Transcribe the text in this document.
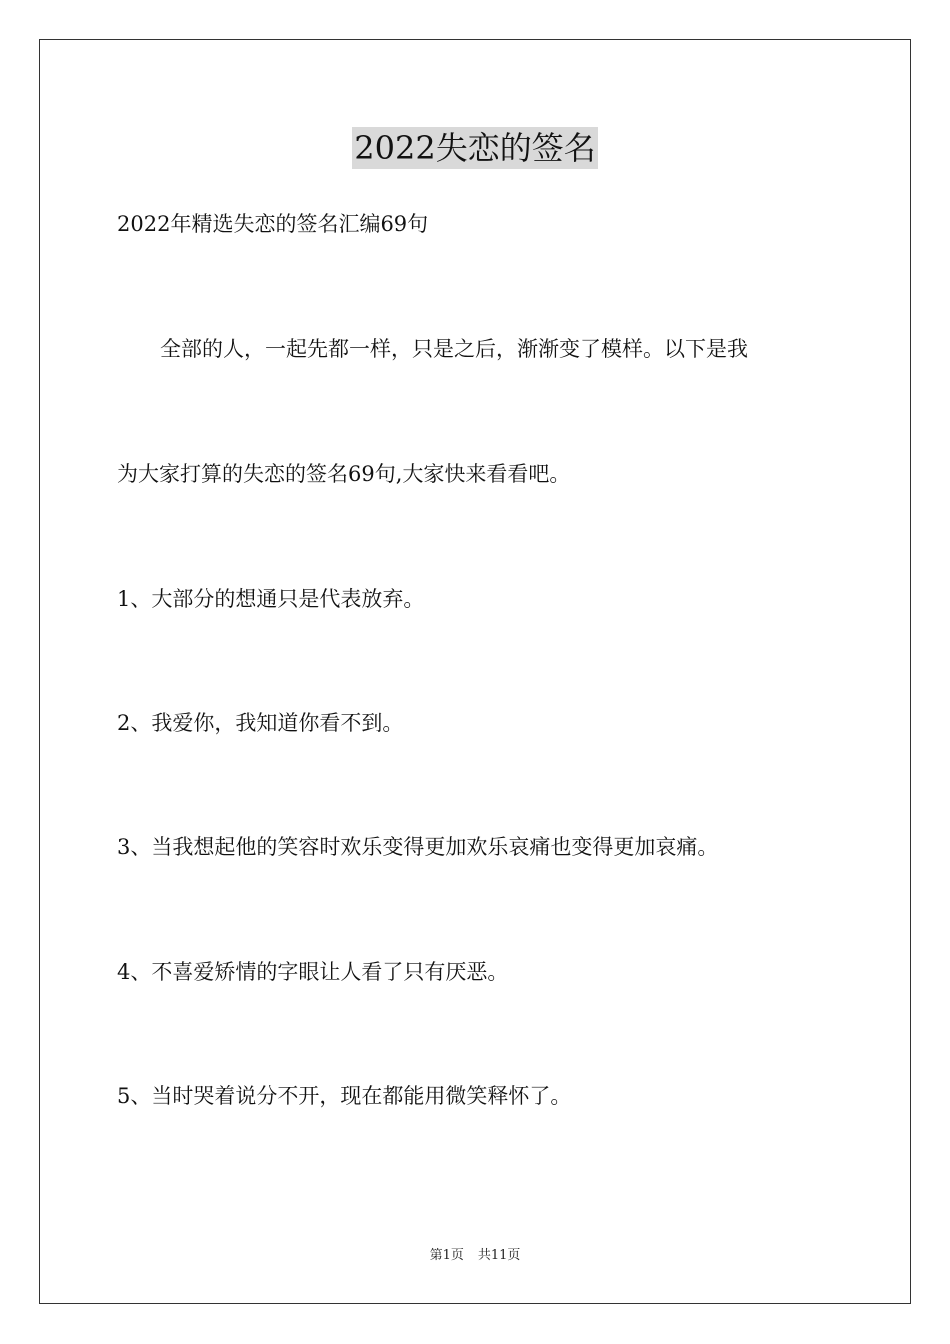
2022失恋的签名
2022年精选失恋的签名汇编69句
全部的人，一起先都一样，只是之后，渐渐变了模样。以下是我
为大家打算的失恋的签名69句,大家快来看看吧。
1、大部分的想通只是代表放弃。
2、我爱你，我知道你看不到。
3、当我想起他的笑容时欢乐变得更加欢乐哀痛也变得更加哀痛。
4、不喜爱矫情的字眼让人看了只有厌恶。
5、当时哭着说分不开，现在都能用微笑释怀了。
第1页 共11页
